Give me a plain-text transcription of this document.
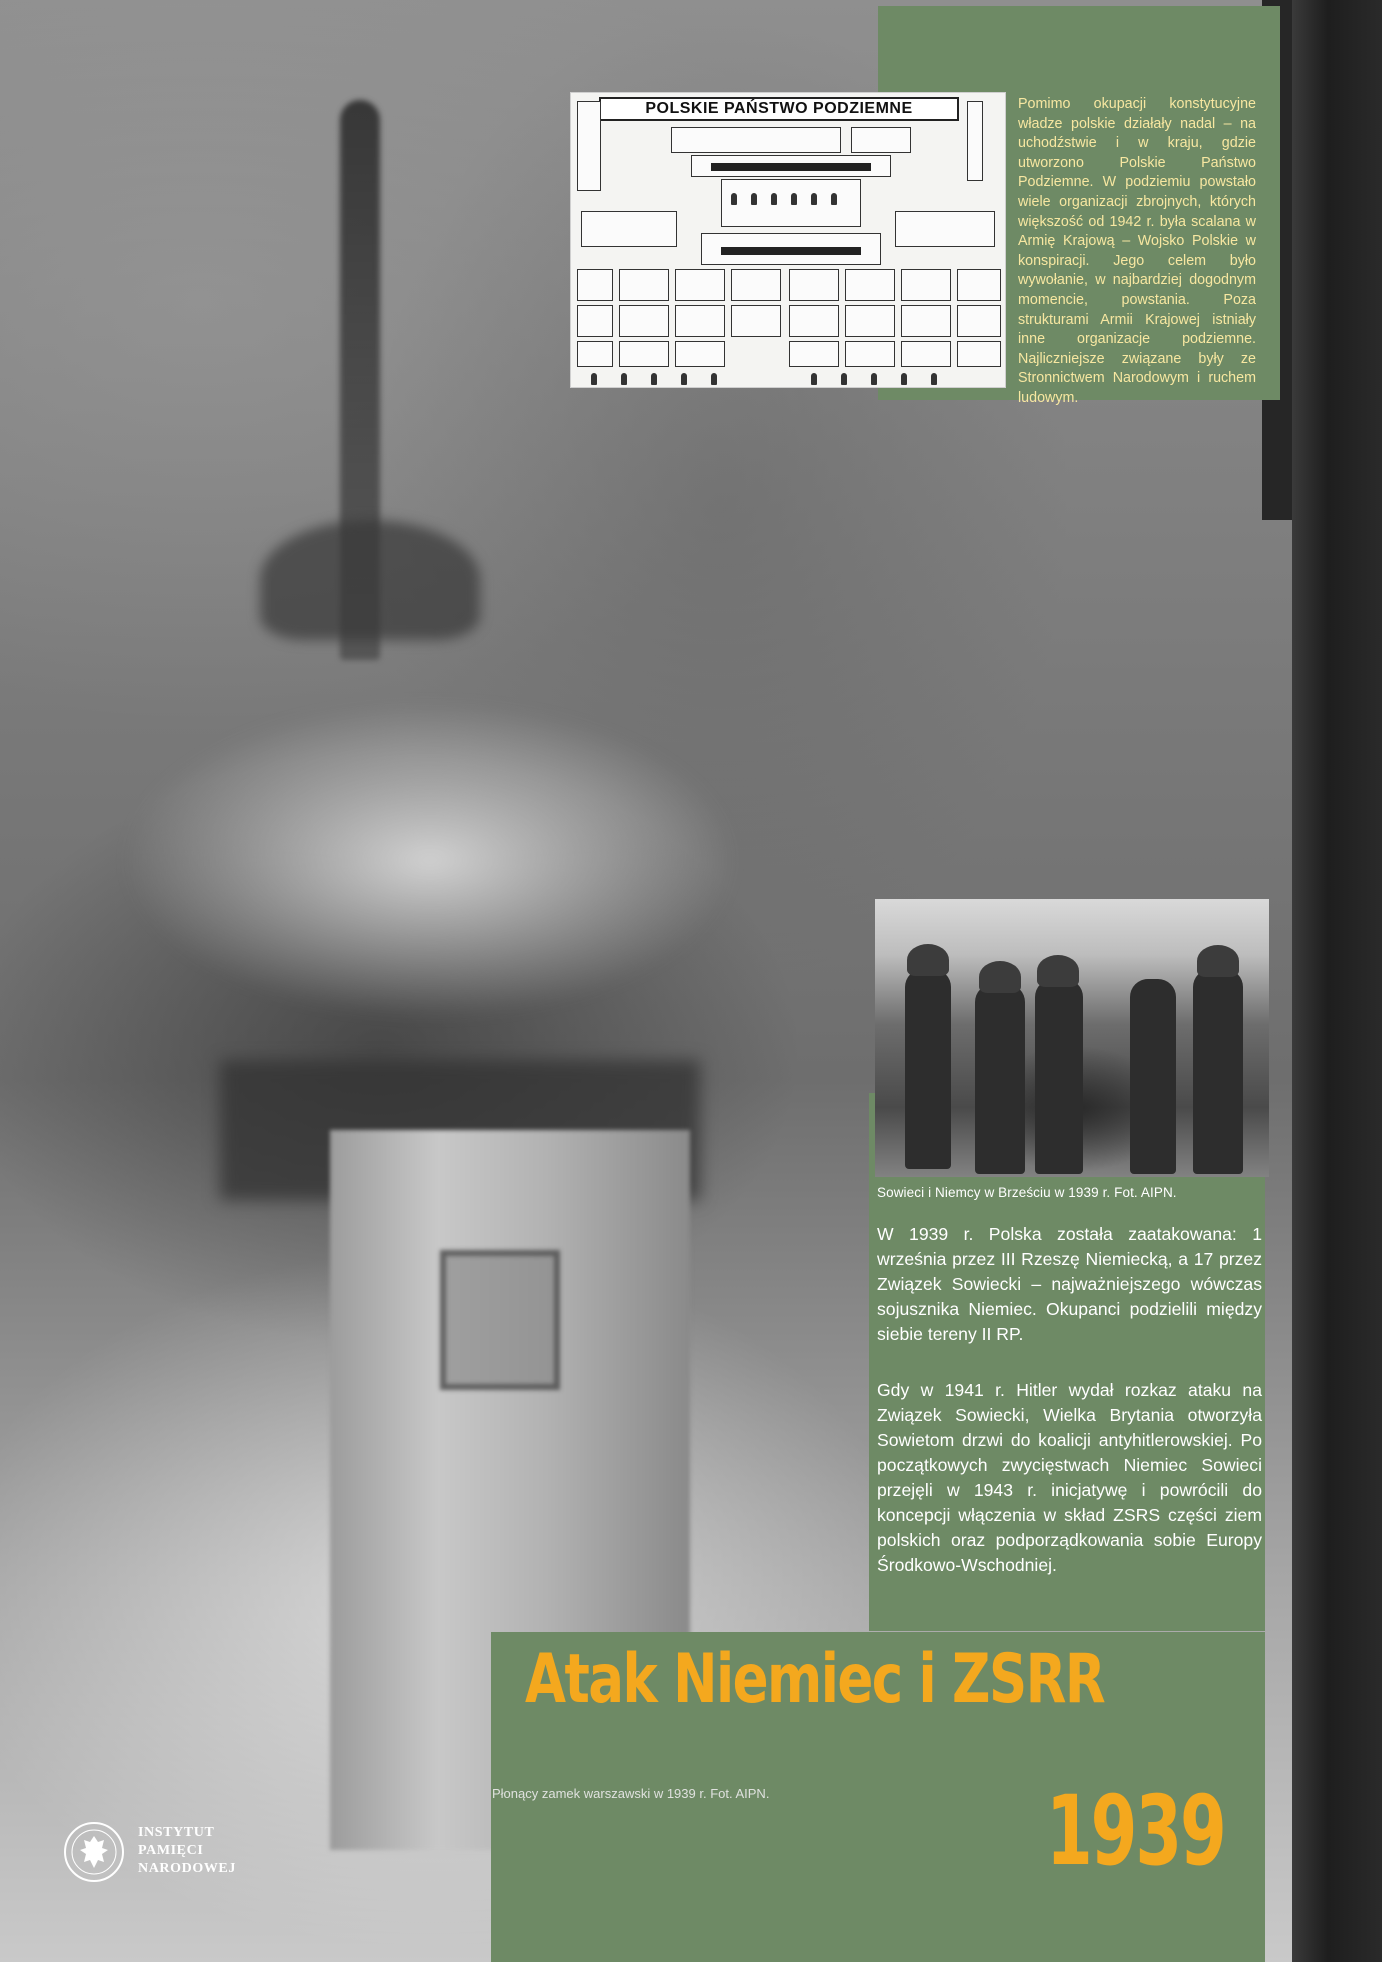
POLSKIE PAŃSTWO PODZIEMNE	Pomimo okupacji konstytucyjne władze polskie działały nadal – na uchodźstwie i w kraju, gdzie utworzono Polskie Państwo Podziemne. W podziemiu powstało wiele organizacji zbrojnych, których większość od 1942 r. była scalana w Armię Krajową – Wojsko Polskie w konspiracji. Jego celem było wywołanie, w najbardziej dogodnym momencie, powstania. Poza strukturami Armii Krajowej istniały inne organizacje podziemne. Najliczniejsze związane były ze Stronnictwem Narodowym i ruchem ludowym.
Sowieci i Niemcy w Brześciu w 1939 r. Fot. AIPN.
W 1939 r. Polska została zaatakowana: 1 września przez III Rzeszę Niemiecką, a 17 przez Związek Sowiecki – najważniejszego wówczas sojusznika Niemiec. Okupanci podzielili między siebie tereny II RP.
Gdy w 1941 r. Hitler wydał rozkaz ataku na Związek Sowiecki, Wielka Brytania otworzyła Sowietom drzwi do koalicji antyhitlerowskiej. Po początkowych zwycięstwach Niemiec Sowieci przejęli w 1943 r. inicjatywę i powrócili do koncepcji włączenia w skład ZSRS części ziem polskich oraz podporządkowania sobie Europy Środkowo-Wschodniej.
Atak Niemiec i ZSRR
1939
Płonący zamek warszawski w 1939 r. Fot. AIPN.
INSTYTUT
PAMIĘCI
NARODOWEJ
